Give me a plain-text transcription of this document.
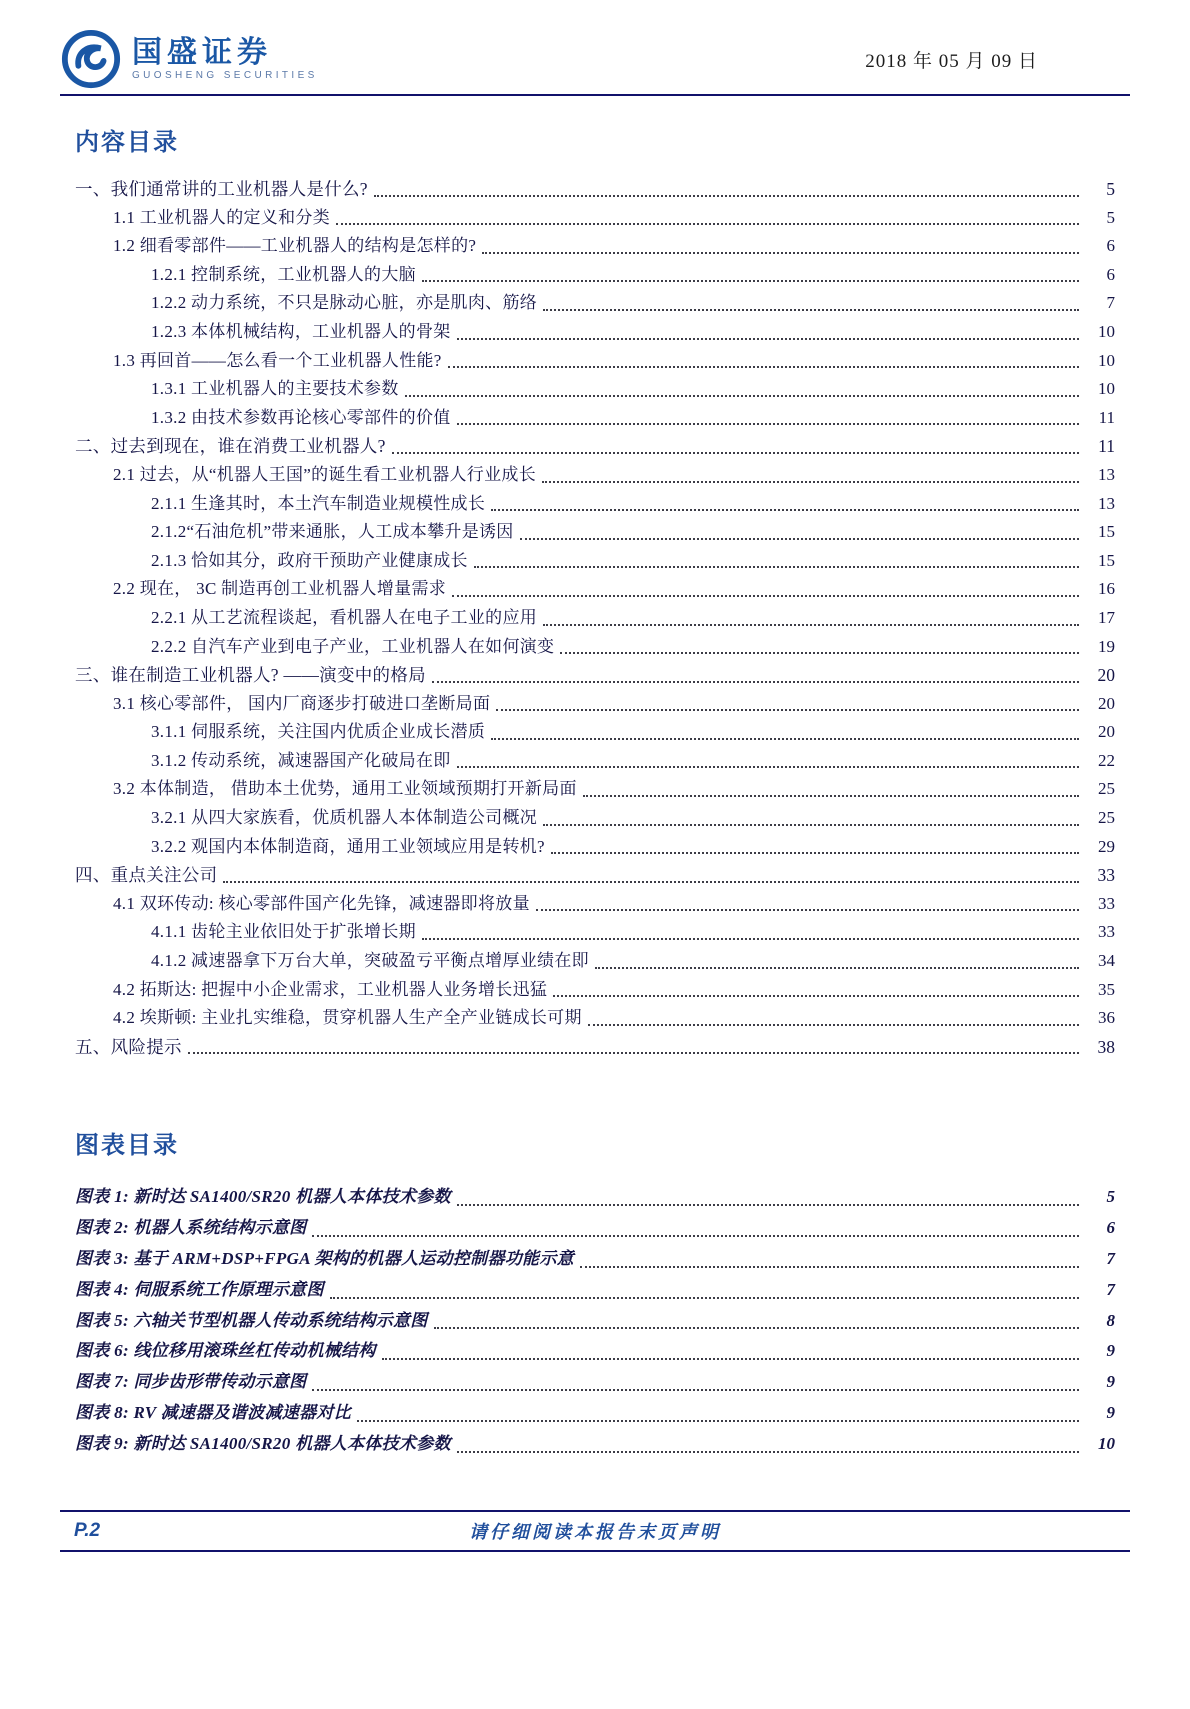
国盛证券
GUOSHENG SECURITIES
2018 年 05 月 09 日
内容目录
一、我们通常讲的工业机器人是什么?	5
1.1 工业机器人的定义和分类	5
1.2 细看零部件——工业机器人的结构是怎样的?	6
1.2.1 控制系统，工业机器人的大脑	6
1.2.2 动力系统，不只是脉动心脏，亦是肌肉、筋络	7
1.2.3 本体机械结构，工业机器人的骨架	10
1.3 再回首——怎么看一个工业机器人性能?	10
1.3.1 工业机器人的主要技术参数	10
1.3.2 由技术参数再论核心零部件的价值	11
二、过去到现在，谁在消费工业机器人?	11
2.1 过去，从“机器人王国”的诞生看工业机器人行业成长	13
2.1.1 生逢其时，本土汽车制造业规模性成长	13
2.1.2“石油危机”带来通胀，人工成本攀升是诱因	15
2.1.3 恰如其分，政府干预助产业健康成长	15
2.2 现在， 3C 制造再创工业机器人增量需求	16
2.2.1 从工艺流程谈起，看机器人在电子工业的应用	17
2.2.2 自汽车产业到电子产业，工业机器人在如何演变	19
三、谁在制造工业机器人? ——演变中的格局	20
3.1 核心零部件， 国内厂商逐步打破进口垄断局面	20
3.1.1 伺服系统，关注国内优质企业成长潜质	20
3.1.2 传动系统，减速器国产化破局在即	22
3.2 本体制造， 借助本土优势，通用工业领域预期打开新局面	25
3.2.1 从四大家族看，优质机器人本体制造公司概况	25
3.2.2 观国内本体制造商，通用工业领域应用是转机?	29
四、重点关注公司	33
4.1 双环传动: 核心零部件国产化先锋，减速器即将放量	33
4.1.1 齿轮主业依旧处于扩张增长期	33
4.1.2 减速器拿下万台大单，突破盈亏平衡点增厚业绩在即	34
4.2 拓斯达: 把握中小企业需求，工业机器人业务增长迅猛	35
4.2 埃斯顿: 主业扎实维稳，贯穿机器人生产全产业链成长可期	36
五、风险提示	38
图表目录
图表 1: 新时达 SA1400/SR20 机器人本体技术参数	5
图表 2: 机器人系统结构示意图	6
图表 3: 基于 ARM+DSP+FPGA 架构的机器人运动控制器功能示意	7
图表 4: 伺服系统工作原理示意图	7
图表 5: 六轴关节型机器人传动系统结构示意图	8
图表 6: 线位移用滚珠丝杠传动机械结构	9
图表 7: 同步齿形带传动示意图	9
图表 8: RV 减速器及谐波减速器对比	9
图表 9: 新时达 SA1400/SR20 机器人本体技术参数	10
P.2	请仔细阅读本报告末页声明
